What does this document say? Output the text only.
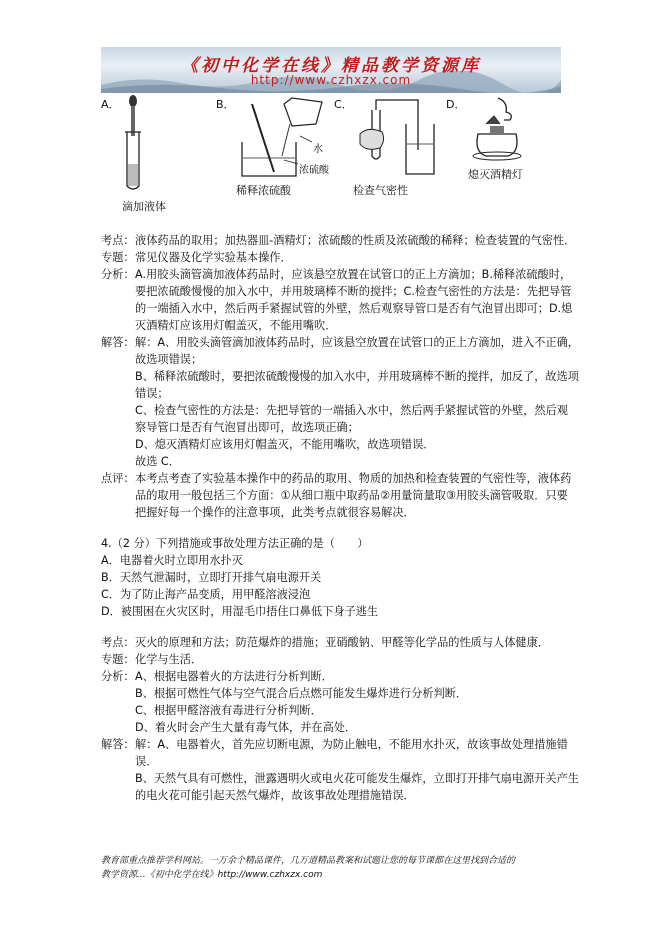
《初中化学在线》精品教学资源库
http://www.czhxzx.com
A．
滴加液体
B．
水
浓硫酸
稀释浓硫酸
C．
检查气密性
D．
熄灭酒精灯
考点： 液体药品的取用；加热器皿-酒精灯；浓硫酸的性质及浓硫酸的稀释；检查装置的气密性．

专题： 常见仪器及化学实验基本操作．

分析： A.用胶头滴管滴加液体药品时，应该悬空放置在试管口的正上方滴加；B.稀释浓硫酸时，要把浓硫酸慢慢的加入水中，并用玻璃棒不断的搅拌；C.检查气密性的方法是：先把导管的一端插入水中，然后两手紧握试管的外壁，然后观察导管口是否有气泡冒出即可；D.熄灭酒精灯应该用灯帽盖灭，不能用嘴吹．

解答： 解：A、用胶头滴管滴加液体药品时，应该悬空放置在试管口的正上方滴加，进入不正确，故选项错误；

B、稀释浓硫酸时，要把浓硫酸慢慢的加入水中，并用玻璃棒不断的搅拌，加反了，故选项错误；

C、检查气密性的方法是：先把导管的一端插入水中，然后两手紧握试管的外壁，然后观察导管口是否有气泡冒出即可，故选项正确；

D、熄灭酒精灯应该用灯帽盖灭，不能用嘴吹，故选项错误．

故选 C．

点评： 本考点考查了实验基本操作中的药品的取用、物质的加热和检查装置的气密性等，液体药品的取用一般包括三个方面：①从细口瓶中取药品②用量筒量取③用胶头滴管吸取．只要把握好每一个操作的注意事项，此类考点就很容易解决．

4.（2 分）下列措施或事故处理方法正确的是（　　）

A．电器着火时立即用水扑灭

B．天然气泄漏时，立即打开排气扇电源开关

C．为了防止海产品变质，用甲醛溶液浸泡

D．被围困在火灾区时，用湿毛巾捂住口鼻低下身子逃生

考点： 灭火的原理和方法；防范爆炸的措施；亚硝酸钠、甲醛等化学品的性质与人体健康．

专题： 化学与生活．

分析： A、根据电器着火的方法进行分析判断．

B、根据可燃性气体与空气混合后点燃可能发生爆炸进行分析判断．

C、根据甲醛溶液有毒进行分析判断．

D、着火时会产生大量有毒气体，并在高处．

解答： 解：A、电器着火，首先应切断电源，为防止触电，不能用水扑灭，故该事故处理措施错误．

B、天然气具有可燃性，泄露遇明火或电火花可能发生爆炸，立即打开排气扇电源开关产生的电火花可能引起天然气爆炸，故该事故处理措施错误．

教育部重点推荐学科网站。一万余个精品课件，几万道精品教案和试题让您的每节课都在这里找到合适的
教学资源...《初中化学在线》http://www.czhxzx.com
